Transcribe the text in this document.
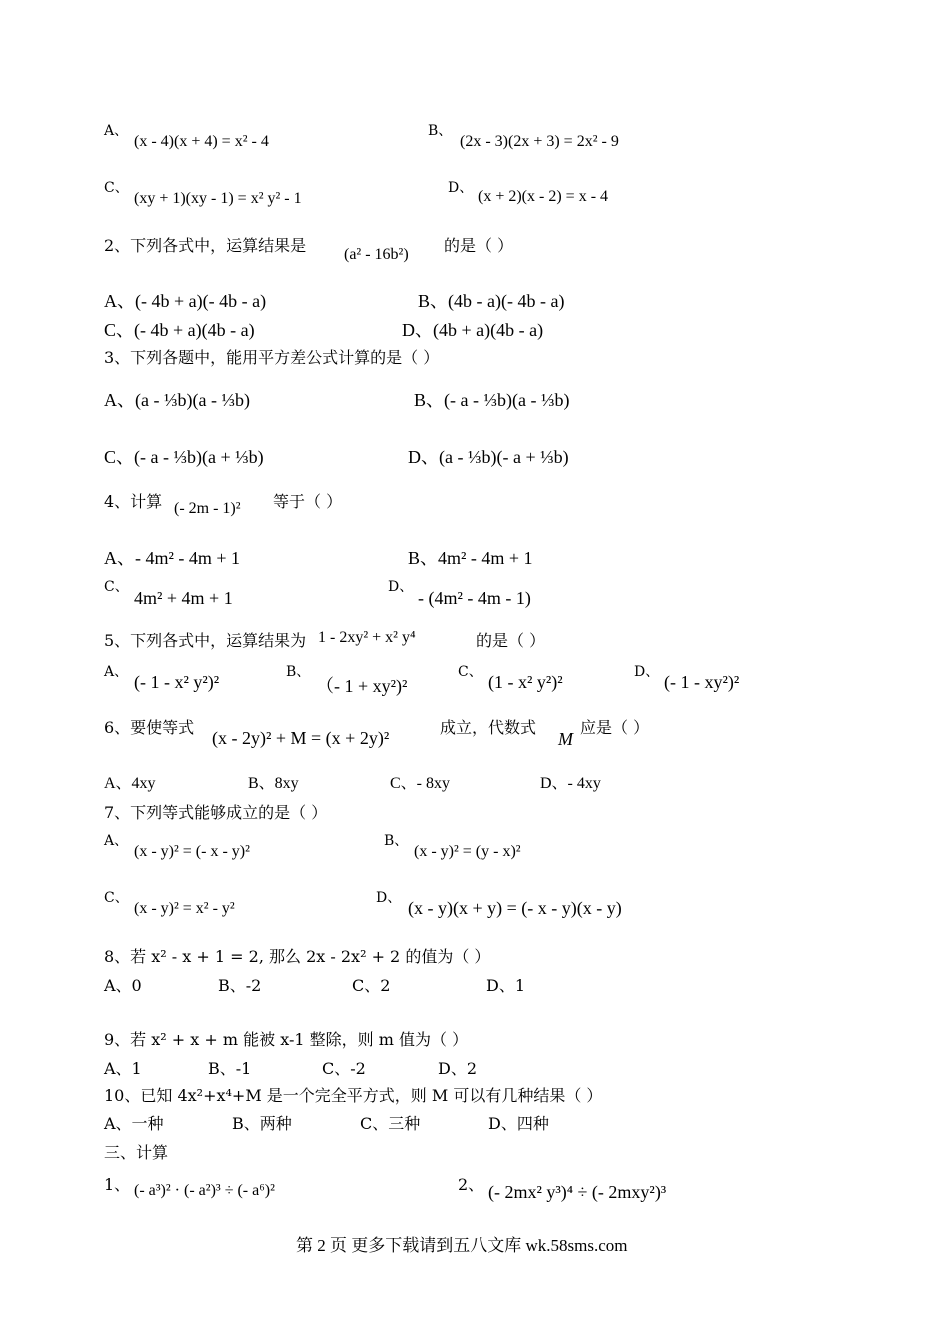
A、
(x - 4)(x + 4) = x² - 4
B、
(2x - 3)(2x + 3) = 2x² - 9
C、
(xy + 1)(xy - 1) = x² y² - 1
D、 (x + 2)(x - 2) = x - 4
2、下列各式中，运算结果是 (a² - 16b²) 的是（ ）
A、(- 4b + a)(- 4b - a)	B、(4b - a)(- 4b - a)
C、(- 4b + a)(4b - a)	D、(4b + a)(4b - a)
3、下列各题中，能用平方差公式计算的是（ ）
A、(a - ⅓b)(a - ⅓b)	B、(- a - ⅓b)(a - ⅓b)
C、(- a - ⅓b)(a + ⅓b)	D、(a - ⅓b)(- a + ⅓b)
4、计算 (- 2m - 1)² 等于（ ）
A、- 4m² - 4m + 1	B、4m² - 4m + 1
C、
4m² + 4m + 1
D、
- (4m² - 4m - 1)
5、下列各式中，运算结果为 1 - 2xy² + x² y⁴	的是（ ）
A、 (- 1 - x² y²)²	B、
（- 1 + xy²)²
C、 (1 - x² y²)²	D、 (- 1 - xy²)²
6、要使等式
(x - 2y)² + M = (x + 2y)²
成立，代数式
M
应是（ ）
A、4xy	B、8xy	C、- 8xy	D、- 4xy
7、下列等式能够成立的是（ ）
A、
(x - y)² = (- x - y)²
B、
(x - y)² = (y - x)²
C、
(x - y)² = x² - y²
D、 (x - y)(x + y) = (- x - y)(x - y)
8、若 x² - x + 1 = 2, 那么 2x - 2x² + 2 的值为（ ）
A、0	B、-2	C、2	D、1
9、若 x² + x + m 能被 x-1 整除，则 m 值为（ ）
A、1	B、-1	C、-2	D、2
10、已知 4x²+x⁴+M 是一个完全平方式，则 M 可以有几种结果（ ）
A、一种	B、两种	C、三种	D、四种
三、计算
1、 (- a³)² · (- a²)³ ÷ (- a⁶)²	2、 (- 2mx² y³)⁴ ÷ (- 2mxy²)³
第 2 页 更多下载请到五八文库 wk.58sms.com
